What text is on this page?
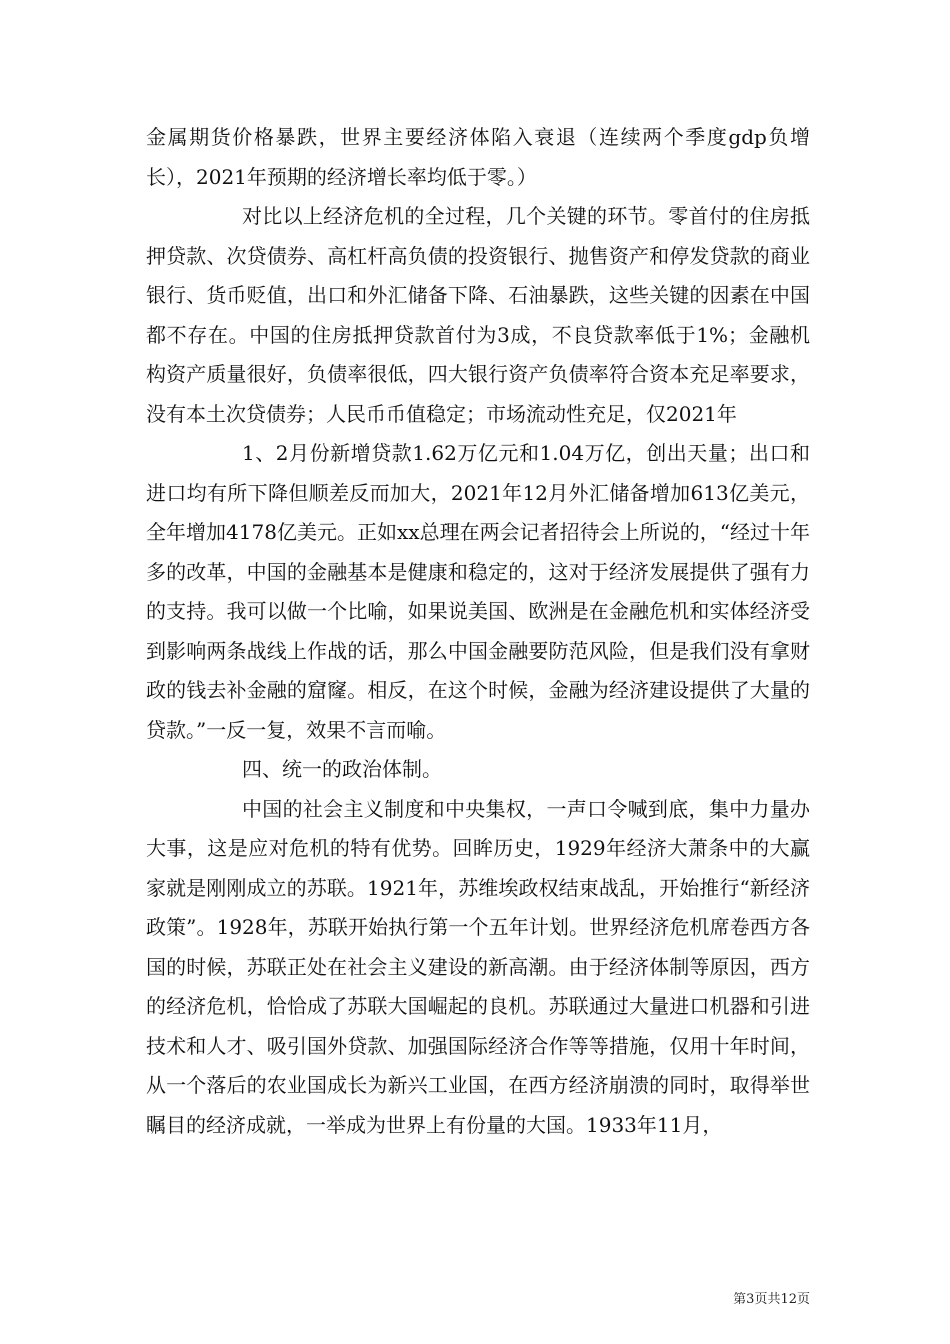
金属期货价格暴跌，世界主要经济体陷入衰退（连续两个季度gdp负增长），2021年预期的经济增长率均低于零。）

对比以上经济危机的全过程，几个关键的环节。零首付的住房抵押贷款、次贷债券、高杠杆高负债的投资银行、抛售资产和停发贷款的商业银行、货币贬值，出口和外汇储备下降、石油暴跌，这些关键的因素在中国都不存在。中国的住房抵押贷款首付为3成，不良贷款率低于1%；金融机构资产质量很好，负债率很低，四大银行资产负债率符合资本充足率要求，没有本土次贷债券；人民币币值稳定；市场流动性充足，仅2021年

1、2月份新增贷款1.62万亿元和1.04万亿，创出天量；出口和进口均有所下降但顺差反而加大，2021年12月外汇储备增加613亿美元，全年增加4178亿美元。正如xx总理在两会记者招待会上所说的，“经过十年多的改革，中国的金融基本是健康和稳定的，这对于经济发展提供了强有力的支持。我可以做一个比喻，如果说美国、欧洲是在金融危机和实体经济受到影响两条战线上作战的话，那么中国金融要防范风险，但是我们没有拿财政的钱去补金融的窟窿。相反，在这个时候，金融为经济建设提供了大量的贷款。”一反一复，效果不言而喻。

四、统一的政治体制。

中国的社会主义制度和中央集权，一声口令喊到底，集中力量办大事，这是应对危机的特有优势。回眸历史，1929年经济大萧条中的大赢家就是刚刚成立的苏联。1921年，苏维埃政权结束战乱，开始推行“新经济政策”。1928年，苏联开始执行第一个五年计划。世界经济危机席卷西方各国的时候，苏联正处在社会主义建设的新高潮。由于经济体制等原因，西方的经济危机，恰恰成了苏联大国崛起的良机。苏联通过大量进口机器和引进技术和人才、吸引国外贷款、加强国际经济合作等等措施，仅用十年时间，从一个落后的农业国成长为新兴工业国，在西方经济崩溃的同时，取得举世瞩目的经济成就，一举成为世界上有份量的大国。1933年11月，

第3页共12页
